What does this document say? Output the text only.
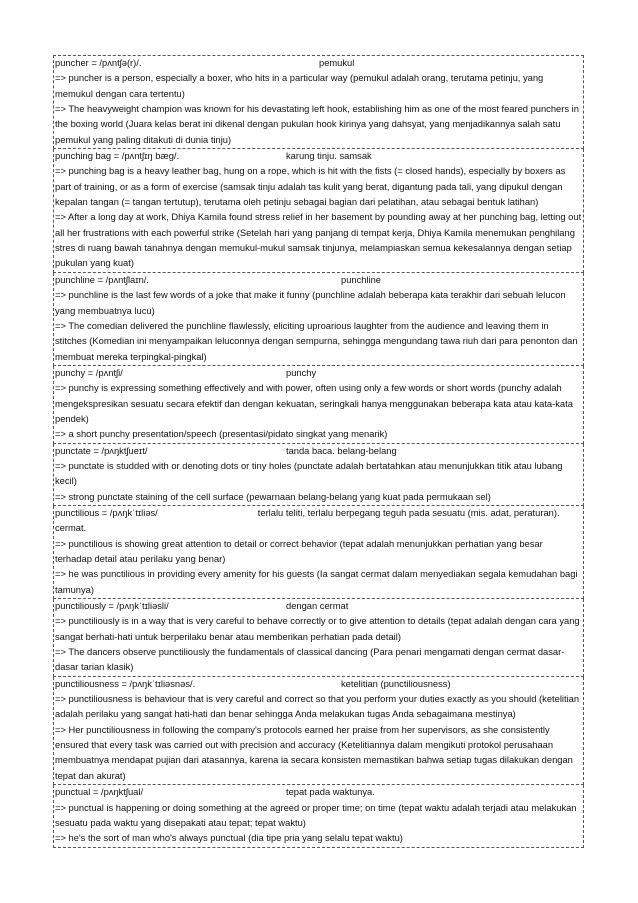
puncher = /pʌntʃə(r)/.	pemukul

=> puncher is a person, especially a boxer, who hits in a particular way (pemukul adalah orang, terutama petinju, yang memukul dengan cara tertentu)

=> The heavyweight champion was known for his devastating left hook, establishing him as one of the most feared punchers in the boxing world (Juara kelas berat ini dikenal dengan pukulan hook kirinya yang dahsyat, yang menjadikannya salah satu pemukul yang paling ditakuti di dunia tinju)

punching bag = /pʌntʃɪŋ bæg/.	karung tinju. samsak

=> punching bag is a heavy leather bag, hung on a rope, which is hit with the fists (= closed hands), especially by boxers as part of training, or as a form of exercise (samsak tinju adalah tas kulit yang berat, digantung pada tali, yang dipukul dengan kepalan tangan (= tangan tertutup), terutama oleh petinju sebagai bagian dari pelatihan, atau sebagai bentuk latihan)

=> After a long day at work, Dhiya Kamila found stress relief in her basement by pounding away at her punching bag, letting out all her frustrations with each powerful strike (Setelah hari yang panjang di tempat kerja, Dhiya Kamila menemukan penghilang stres di ruang bawah tanahnya dengan memukul-mukul samsak tinjunya, melampiaskan semua kekesalannya dengan setiap pukulan yang kuat)

punchline = /pʌntʃlaɪn/.	punchline

=> punchline is the last few words of a joke that make it funny (punchline adalah beberapa kata terakhir dari sebuah lelucon yang membuatnya lucu)

=> The comedian delivered the punchline flawlessly, eliciting uproarious laughter from the audience and leaving them in stitches (Komedian ini menyampaikan leluconnya dengan sempurna, sehingga mengundang tawa riuh dari para penonton dan membuat mereka terpingkal-pingkal)

punchy = /pʌntʃi/	punchy

=> punchy is expressing something effectively and with power, often using only a few words or short words (punchy adalah mengekspresikan sesuatu secara efektif dan dengan kekuatan, seringkali hanya menggunakan beberapa kata atau kata-kata pendek)

=> a short punchy presentation/speech (presentasi/pidato singkat yang menarik)

punctate = /pʌŋktʃueɪt/	tanda baca. belang-belang

=> punctate is studded with or denoting dots or tiny holes (punctate adalah bertatahkan atau menunjukkan titik atau lubang kecil)

=> strong punctate staining of the cell surface (pewarnaan belang-belang yang kuat pada permukaan sel)

punctilious = /pʌŋkˈtɪliəs/	terlalu teliti, terlalu berpegang teguh pada sesuatu (mis. adat, peraturan). cermat.

=> punctilious is showing great attention to detail or correct behavior (tepat adalah menunjukkan perhatian yang besar terhadap detail atau perilaku yang benar)

=> he was punctilious in providing every amenity for his guests (Ia sangat cermat dalam menyediakan segala kemudahan bagi tamunya)

punctiliously = /pʌŋkˈtɪliəsli/	dengan cermat

=> punctiliously is in a way that is very careful to behave correctly or to give attention to details (tepat adalah dengan cara yang sangat berhati-hati untuk berperilaku benar atau memberikan perhatian pada detail)

=> The dancers observe punctiliously the fundamentals of classical dancing (Para penari mengamati dengan cermat dasar-dasar tarian klasik)

punctiliousness = /pʌŋkˈtɪliəsnəs/.	ketelitian (punctiliousness)

=> punctiliousness is behaviour that is very careful and correct so that you perform your duties exactly as you should (ketelitian adalah perilaku yang sangat hati-hati dan benar sehingga Anda melakukan tugas Anda sebagaimana mestinya)

=> Her punctiliousness in following the company's protocols earned her praise from her supervisors, as she consistently ensured that every task was carried out with precision and accuracy (Ketelitiannya dalam mengikuti protokol perusahaan membuatnya mendapat pujian dari atasannya, karena ia secara konsisten memastikan bahwa setiap tugas dilakukan dengan tepat dan akurat)

punctual = /pʌŋktʃual/	tepat pada waktunya.

=> punctual is happening or doing something at the agreed or proper time; on time (tepat waktu adalah terjadi atau melakukan sesuatu pada waktu yang disepakati atau tepat; tepat waktu)

=> he's the sort of man who's always punctual (dia tipe pria yang selalu tepat waktu)
